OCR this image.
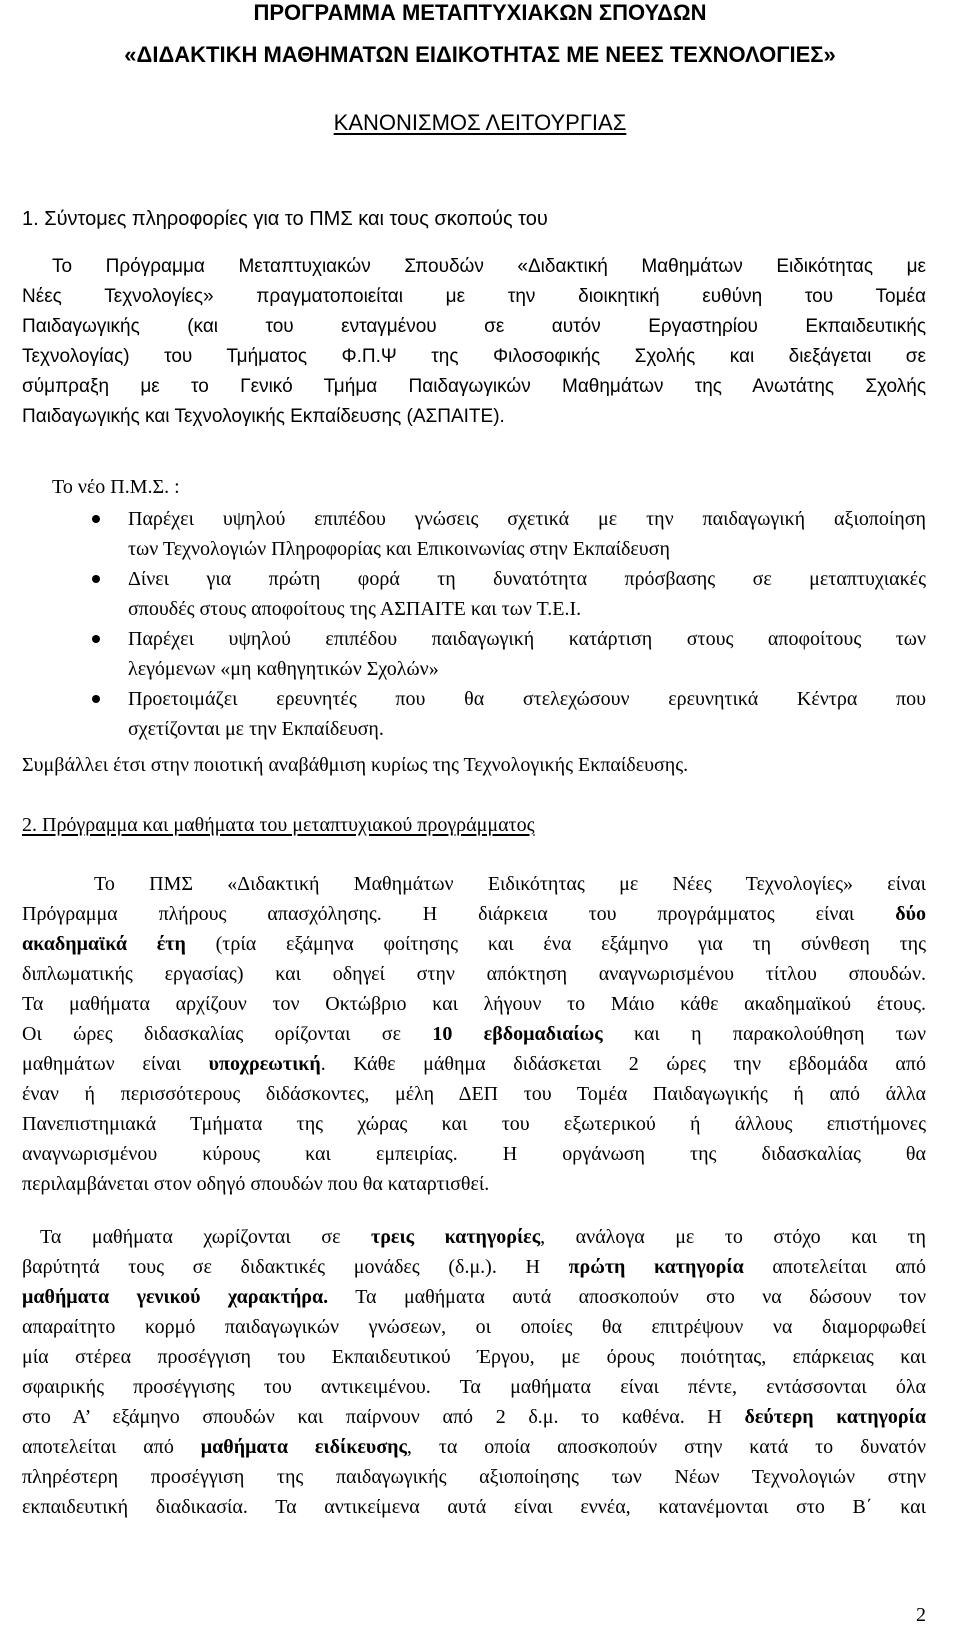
ΠΡΟΓΡΑΜΜΑ ΜΕΤΑΠΤΥΧΙΑΚΩΝ ΣΠΟΥΔΩΝ
«ΔΙΔΑΚΤΙΚΗ ΜΑΘΗΜΑΤΩΝ ΕΙΔΙΚΟΤΗΤΑΣ ΜΕ ΝΕΕΣ ΤΕΧΝΟΛΟΓΙΕΣ»
ΚΑΝΟΝΙΣΜΟΣ ΛΕΙΤΟΥΡΓΙΑΣ
1. Σύντομες πληροφορίες για το ΠΜΣ και τους σκοπούς του
Το Πρόγραμμα Μεταπτυχιακών Σπουδών «Διδακτική Μαθημάτων Ειδικότητας με
Νέες Τεχνολογίες» πραγματοποιείται με την διοικητική ευθύνη του Τομέα
Παιδαγωγικής (και του ενταγμένου σε αυτόν Εργαστηρίου Εκπαιδευτικής
Τεχνολογίας) του Τμήματος Φ.Π.Ψ της Φιλοσοφικής Σχολής και διεξάγεται σε
σύμπραξη με το Γενικό Τμήμα Παιδαγωγικών Μαθημάτων της Ανωτάτης Σχολής
Παιδαγωγικής και Τεχνολογικής Εκπαίδευσης (ΑΣΠΑΙΤΕ).
Το νέο Π.Μ.Σ. :
Παρέχει υψηλού επιπέδου γνώσεις σχετικά με την παιδαγωγική αξιοποίηση
των Τεχνολογιών Πληροφορίας και Επικοινωνίας στην Εκπαίδευση
Δίνει για πρώτη φορά τη δυνατότητα πρόσβασης σε μεταπτυχιακές
σπουδές στους αποφοίτους της ΑΣΠΑΙΤΕ και των Τ.Ε.Ι.
Παρέχει υψηλού επιπέδου παιδαγωγική κατάρτιση στους αποφοίτους των
λεγόμενων «μη καθηγητικών Σχολών»
Προετοιμάζει ερευνητές που θα στελεχώσουν ερευνητικά Κέντρα που
σχετίζονται με την Εκπαίδευση.
Συμβάλλει έτσι στην ποιοτική αναβάθμιση κυρίως της Τεχνολογικής Εκπαίδευσης.
2. Πρόγραμμα και μαθήματα του μεταπτυχιακού προγράμματος
Το ΠΜΣ «Διδακτική Μαθημάτων Ειδικότητας με Νέες Τεχνολογίες» είναι
Πρόγραμμα πλήρους απασχόλησης. Η διάρκεια του προγράμματος είναι δύο
ακαδημαϊκά έτη (τρία εξάμηνα φοίτησης και ένα εξάμηνο για τη σύνθεση της
διπλωματικής εργασίας) και οδηγεί στην απόκτηση αναγνωρισμένου τίτλου σπουδών.
Τα μαθήματα αρχίζουν τον Οκτώβριο και λήγουν το Μάιο κάθε ακαδημαϊκού έτους.
Οι ώρες διδασκαλίας ορίζονται σε 10 εβδομαδιαίως και η παρακολούθηση των
μαθημάτων είναι υποχρεωτική. Κάθε μάθημα διδάσκεται 2 ώρες την εβδομάδα από
έναν ή περισσότερους διδάσκοντες, μέλη ΔΕΠ του Τομέα Παιδαγωγικής ή από άλλα
Πανεπιστημιακά Τμήματα της χώρας και του εξωτερικού ή άλλους επιστήμονες
αναγνωρισμένου κύρους και εμπειρίας. Η οργάνωση της διδασκαλίας θα
περιλαμβάνεται στον οδηγό σπουδών που θα καταρτισθεί.
Τα μαθήματα χωρίζονται σε τρεις κατηγορίες, ανάλογα με το στόχο και τη
βαρύτητά τους σε διδακτικές μονάδες (δ.μ.). Η πρώτη κατηγορία αποτελείται από
μαθήματα γενικού χαρακτήρα. Τα μαθήματα αυτά αποσκοπούν στο να δώσουν τον
απαραίτητο κορμό παιδαγωγικών γνώσεων, οι οποίες θα επιτρέψουν να διαμορφωθεί
μία στέρεα προσέγγιση του Εκπαιδευτικού Έργου, με όρους ποιότητας, επάρκειας και
σφαιρικής προσέγγισης του αντικειμένου. Τα μαθήματα είναι πέντε, εντάσσονται όλα
στο Α’ εξάμηνο σπουδών και παίρνουν από 2 δ.μ. το καθένα. Η δεύτερη κατηγορία
αποτελείται από μαθήματα ειδίκευσης, τα οποία αποσκοπούν στην κατά το δυνατόν
πληρέστερη προσέγγιση της παιδαγωγικής αξιοποίησης των Νέων Τεχνολογιών στην
εκπαιδευτική διαδικασία. Τα αντικείμενα αυτά είναι εννέα, κατανέμονται στο Β΄ και
2
